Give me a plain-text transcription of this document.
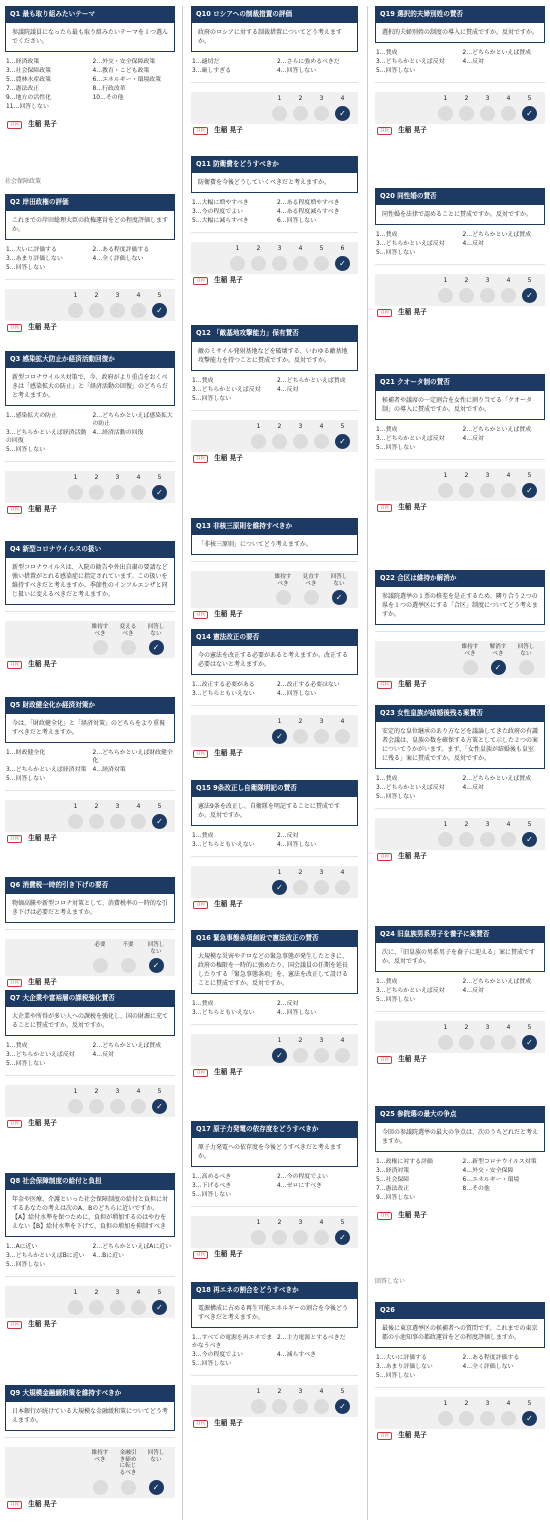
Q1 最も取り組みたいテーマ
参議院議員になったら最も取り組みたいテーマを１つ選んでください。
1…経済政策	2…外交・安全保障政策
3…社会保障政策	4…教育・こども政策
5…農林水産政策	6…エネルギー・環境政策
7…憲法改正	8…行政改革
9…地方の活性化	10…その他
11…回答しない
自民	生稲 晃子
社会保障政策
Q2 岸田政権の評価
これまでの岸田総理大臣の政権運営をどの程度評価しますか。
1…大いに評価する	2…ある程度評価する
3…あまり評価しない	4…全く評価しない
5…回答しない
1	2	3	4	5
✓
自民	生稲 晃子
Q3 感染拡大防止か経済活動回復か
新型コロナウイルス対策で、今、政府がより重点をおくべきは「感染拡大の防止」と「経済活動の回復」のどちらだと考えますか。
1…感染拡大の防止	2…どちらかといえば感染拡大の防止
3…どちらかといえば経済活動の回復
4…経済活動の回復
5…回答しない
1	2	3	4	5
✓
自民	生稲 晃子
Q4 新型コロナウイルスの扱い
新型コロナウイルスは、入院の勧告や外出自粛の要請など強い措置がとれる感染症に指定されています。この扱いを維持すべきだと考えますか。季節性のインフルエンザと同じ扱いに変えるべきだと考えますか。
維持すべき
変えるべき
回答しない
✓
自民	生稲 晃子
Q5 財政健全化か経済対策か
今は、「財政健全化」と「経済対策」のどちらをより重視すべきだと考えますか。
1…財政健全化	2…どちらかといえば財政健全化
3…どちらかといえば経済対策	4…経済対策
5…回答しない
1	2	3	4	5
✓
自民	生稲 晃子
Q6 消費税一時的引き下げの要否
物価高騰や新型コロナ対策として、消費税率の一時的な引き下げは必要だと考えますか。
必要	不要	回答しない
✓
自民	生稲 晃子
Q7 大企業や富裕層の課税強化賛否
大企業や所得が多い人への課税を強化し、国の財源に充てることに賛成ですか。反対ですか。
1…賛成	2…どちらかといえば賛成
3…どちらかといえば反対	4…反対
5…回答しない
1	2	3	4	5
✓
自民	生稲 晃子
Q8 社会保障制度の給付と負担
年金や医療、介護といった社会保障制度の給付と負担に対するあなたの考えは次のA、Bのどちらに近いですか。【A】給付水準を保つために、負担が増加するのはやむをえない【B】給付水準を下げて、負担の増加を抑制すべき
1…Aに近い	2…どちらかといえばAに近い
3…どちらかといえばBに近い	4…Bに近い
5…回答しない
1	2	3	4	5
✓
自民	生稲 晃子
Q9 大規模金融緩和策を維持すべきか
日本銀行が続けている大規模な金融緩和策についてどう考えますか。
維持すべき
金融引き締めに転じるべき
回答しない
✓
自民	生稲 晃子
Q10 ロシアへの制裁措置の評価
政府のロシアに対する制裁措置についてどう考えますか。
1…適切だ	2…さらに強めるべきだ
3…厳しすぎる	4…回答しない
1	2	3	4
✓
自民	生稲 晃子
Q11 防衛費をどうすべきか
防衛費を今後どうしていくべきだと考えますか。
1…大幅に増やすべき	2…ある程度増やすべき
3…今の程度でよい	4…ある程度減らすべき
5…大幅に減らすべき	6…回答しない
1	2	3	4	5	6
✓
自民	生稲 晃子
Q12 「敵基地攻撃能力」保有賛否
敵のミサイル発射基地などを破壊する、いわゆる敵基地攻撃能力を持つことに賛成ですか。反対ですか。
1…賛成	2…どちらかといえば賛成
3…どちらかといえば反対	4…反対
5…回答しない
1	2	3	4	5
✓
自民	生稲 晃子
Q13 非核三原則を維持すべきか
「非核三原則」についてどう考えますか。
維持すべき
見直すべき
回答しない
✓
自民	生稲 晃子
Q14 憲法改正の要否
今の憲法を改正する必要があると考えますか。改正する必要はないと考えますか。
1…改正する必要がある	2…改正する必要はない
3…どちらともいえない	4…回答しない
1	2	3	4
✓
自民	生稲 晃子
Q15 9条改正し自衛隊明記の賛否
憲法9条を改正し、自衛隊を明記することに賛成ですか。反対ですか。
1…賛成	2…反対
3…どちらともいえない	4…回答しない
1	2	3	4
✓
自民	生稲 晃子
Q16 緊急事態条項創設で憲法改正の賛否
大規模な災害やテロなどの緊急事態が発生したときに、政府の権限を一時的に強めたり、国会議員の任期を延長したりする「緊急事態条項」を、憲法を改正して設けることに賛成ですか。反対ですか。
1…賛成	2…反対
3…どちらともいえない	4…回答しない
1	2	3	4
✓
自民	生稲 晃子
Q17 原子力発電の依存度をどうすべきか
原子力発電への依存度を今後どうすべきだと考えますか。
1…高めるべき	2…今の程度でよい
3…下げるべき	4…ゼロにすべき
5…回答しない
1	2	3	4	5
✓
自民	生稲 晃子
Q18 再エネの割合をどうすべきか
電源構成に占める再生可能エネルギーの割合を今後どうすべきだと考えますか。
1…すべての電源を再エネでまかなうべき
2…主力電源とするべきだ
3…今の程度でよい	4…減らすべき
5…回答しない
1	2	3	4	5
✓
自民	生稲 晃子
Q19 選択的夫婦別姓の賛否
選択的夫婦別姓の制度の導入に賛成ですか。反対ですか。
1…賛成	2…どちらかといえば賛成
3…どちらかといえば反対	4…反対
5…回答しない
1	2	3	4	5
✓
自民	生稲 晃子
Q20 同性婚の賛否
同性婚を法律で認めることに賛成ですか。反対ですか。
1…賛成	2…どちらかといえば賛成
3…どちらかといえば反対	4…反対
5…回答しない
1	2	3	4	5
✓
自民	生稲 晃子
Q21 クオータ制の賛否
候補者や議席の一定割合を女性に割り当てる「クオータ制」の導入に賛成ですか。反対ですか。
1…賛成	2…どちらかといえば賛成
3…どちらかといえば反対	4…反対
5…回答しない
1	2	3	4	5
✓
自民	生稲 晃子
Q22 合区は維持か解消か
参議院選挙の１票の格差を是正するため、隣り合う２つの県を１つの選挙区にする「合区」制度についてどう考えますか。
維持すべき
解消すべき
回答しない
✓
自民	生稲 晃子
Q23 女性皇族が結婚後残る案賛否
安定的な皇位継承のあり方などを議論してきた政府の有識者会議は、皇族の数を確保する方策として示した２つの案についてうかがいます。まず、「女性皇族が結婚後も皇室に残る」案に賛成ですか。反対ですか。
1…賛成	2…どちらかといえば賛成
3…どちらかといえば反対	4…反対
5…回答しない
1	2	3	4	5
✓
自民	生稲 晃子
Q24 旧皇族男系男子を養子に案賛否
次に、「旧皇族の男系男子を養子に迎える」案に賛成ですか。反対ですか。
1…賛成	2…どちらかといえば賛成
3…どちらかといえば反対	4…反対
5…回答しない
1	2	3	4	5
✓
自民	生稲 晃子
Q25 参院選の最大の争点
今回の参議院選挙の最大の争点は、次のうちどれだと考えますか。
1…政権に対する評価	2…新型コロナウイルス対策
3…経済対策	4…外交・安全保障
5…社会保障	6…エネルギー・環境
7…憲法改正	8…その他
9…回答しない
自民	生稲 晃子
回答しない
Q26
最後に東京選挙区の候補者への質問です。これまでの東京都の小池知事の都政運営をどの程度評価しますか。
1…大いに評価する	2…ある程度評価する
3…あまり評価しない	4…全く評価しない
5…回答しない
1	2	3	4	5
✓
自民	生稲 晃子
